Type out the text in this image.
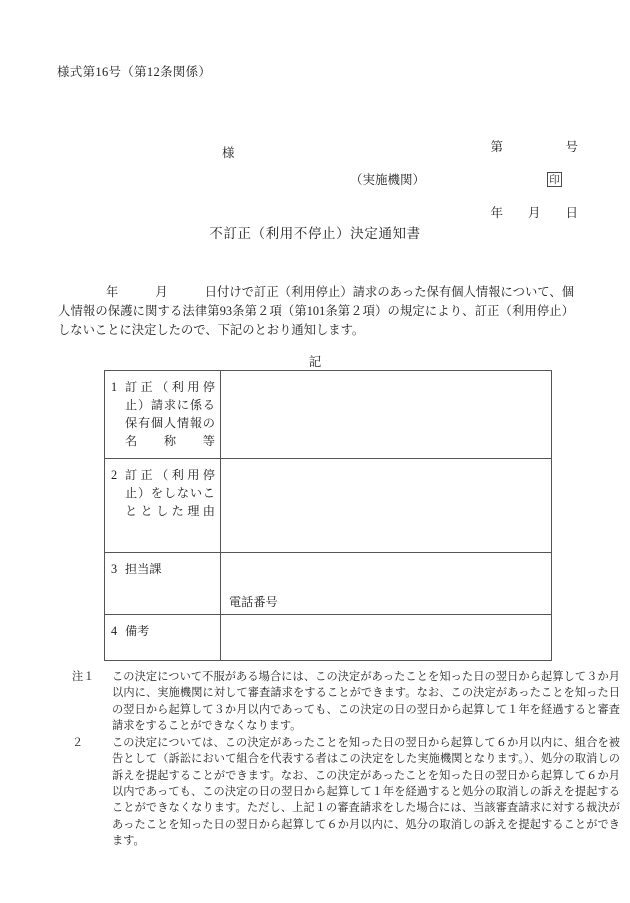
様式第16号（第12条関係）

第　　　　　号

年　　月　　日

様
（実施機関）	印
不訂正（利用不停止）決定通知書
年　　　月　　　日付けで訂正（利用停止）請求のあった保有個人情報について、個人情報の保護に関する法律第93条第２項（第101条第２項）の規定により、訂正（利用停止）しないことに決定したので、下記のとおり通知します。
記
1 訂正（利用停止）請求に係る保有個人情報の名称等	

2 訂正（利用停止）をしないこととした理由	

3 担当課	電話番号

4 備考	

注１	この決定について不服がある場合には、この決定があったことを知った日の翌日から起算して３か月以内に、実施機関に対して審査請求をすることができます。なお、この決定があったことを知った日の翌日から起算して３か月以内であっても、この決定の日の翌日から起算して１年を経過すると審査請求をすることができなくなります。
２	この決定については、この決定があったことを知った日の翌日から起算して６か月以内に、組合を被告として（訴訟において組合を代表する者はこの決定をした実施機関となります。）、処分の取消しの訴えを提起することができます。なお、この決定があったことを知った日の翌日から起算して６か月以内であっても、この決定の日の翌日から起算して１年を経過すると処分の取消しの訴えを提起することができなくなります。ただし、上記１の審査請求をした場合には、当該審査請求に対する裁決があったことを知った日の翌日から起算して６か月以内に、処分の取消しの訴えを提起することができます。
